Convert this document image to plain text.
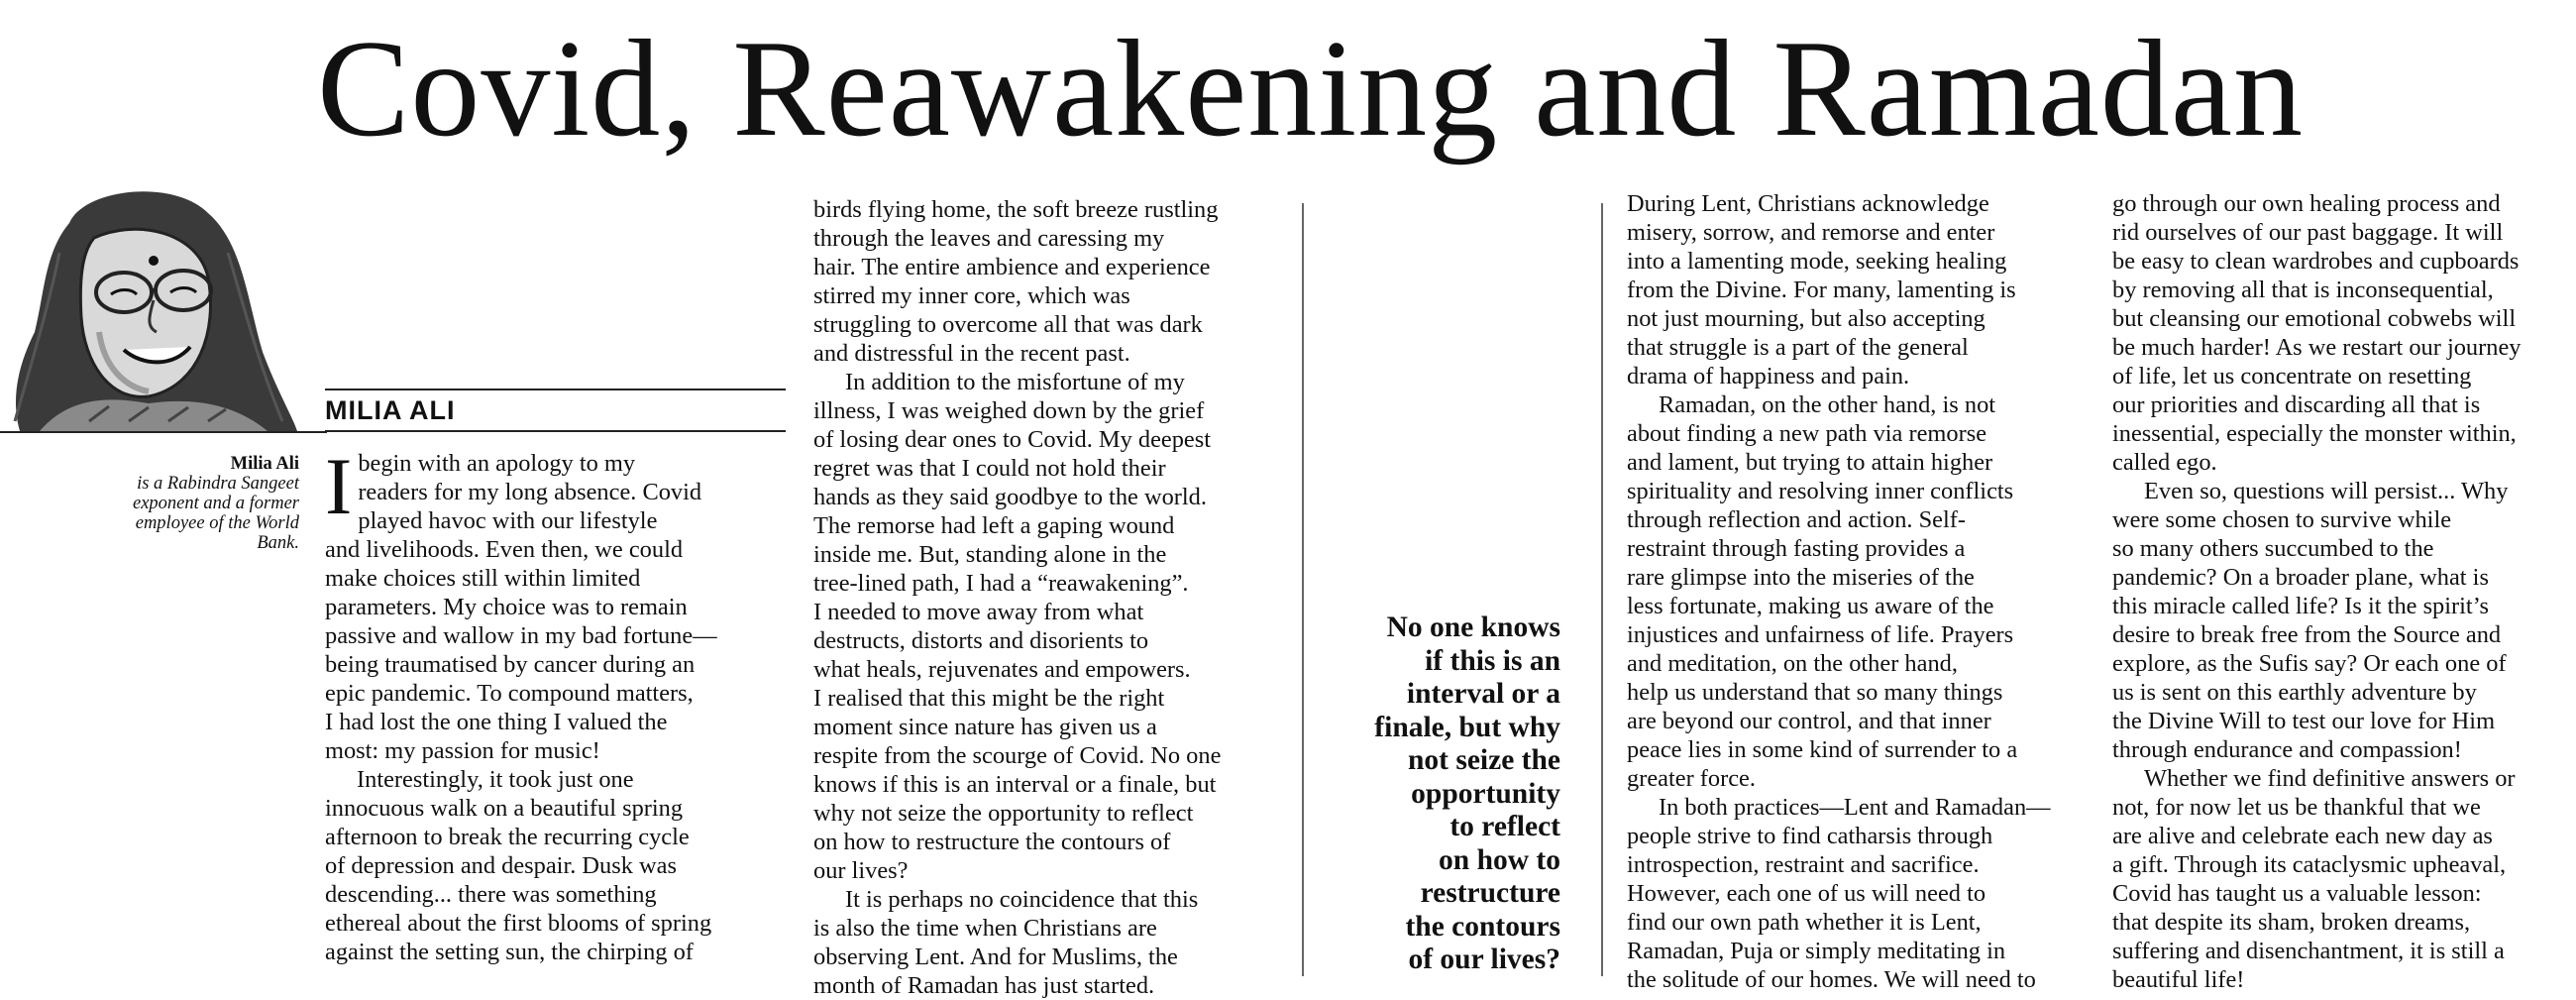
Covid, Reawakening and Ramadan
MILIA ALI
Milia Ali
is a Rabindra Sangeet
exponent and a former
employee of the World
Bank.
I begin with an apology to my

readers for my long absence. Covid

played havoc with our lifestyle

and livelihoods. Even then, we could

make choices still within limited

parameters. My choice was to remain

passive and wallow in my bad fortune—

being traumatised by cancer during an

epic pandemic. To compound matters,

I had lost the one thing I valued the

most: my passion for music!

Interestingly, it took just one

innocuous walk on a beautiful spring

afternoon to break the recurring cycle

of depression and despair. Dusk was

descending... there was something

ethereal about the first blooms of spring

against the setting sun, the chirping of

birds flying home, the soft breeze rustling

through the leaves and caressing my

hair. The entire ambience and experience

stirred my inner core, which was

struggling to overcome all that was dark

and distressful in the recent past.

In addition to the misfortune of my

illness, I was weighed down by the grief

of losing dear ones to Covid. My deepest

regret was that I could not hold their

hands as they said goodbye to the world.

The remorse had left a gaping wound

inside me. But, standing alone in the

tree-lined path, I had a “reawakening”.

I needed to move away from what

destructs, distorts and disorients to

what heals, rejuvenates and empowers.

I realised that this might be the right

moment since nature has given us a

respite from the scourge of Covid. No one

knows if this is an interval or a finale, but

why not seize the opportunity to reflect

on how to restructure the contours of

our lives?

It is perhaps no coincidence that this

is also the time when Christians are

observing Lent. And for Muslims, the

month of Ramadan has just started.

No one knows
if this is an
interval or a
finale, but why
not seize the
opportunity
to reflect
on how to
restructure
the contours
of our lives?

During Lent, Christians acknowledge

misery, sorrow, and remorse and enter

into a lamenting mode, seeking healing

from the Divine. For many, lamenting is

not just mourning, but also accepting

that struggle is a part of the general

drama of happiness and pain.

Ramadan, on the other hand, is not

about finding a new path via remorse

and lament, but trying to attain higher

spirituality and resolving inner conflicts

through reflection and action. Self-

restraint through fasting provides a

rare glimpse into the miseries of the

less fortunate, making us aware of the

injustices and unfairness of life. Prayers

and meditation, on the other hand,

help us understand that so many things

are beyond our control, and that inner

peace lies in some kind of surrender to a

greater force.

In both practices—Lent and Ramadan—

people strive to find catharsis through

introspection, restraint and sacrifice.

However, each one of us will need to

find our own path whether it is Lent,

Ramadan, Puja or simply meditating in

the solitude of our homes. We will need to

go through our own healing process and

rid ourselves of our past baggage. It will

be easy to clean wardrobes and cupboards

by removing all that is inconsequential,

but cleansing our emotional cobwebs will

be much harder! As we restart our journey

of life, let us concentrate on resetting

our priorities and discarding all that is

inessential, especially the monster within,

called ego.

Even so, questions will persist... Why

were some chosen to survive while

so many others succumbed to the

pandemic? On a broader plane, what is

this miracle called life? Is it the spirit’s

desire to break free from the Source and

explore, as the Sufis say? Or each one of

us is sent on this earthly adventure by

the Divine Will to test our love for Him

through endurance and compassion!

Whether we find definitive answers or

not, for now let us be thankful that we

are alive and celebrate each new day as

a gift. Through its cataclysmic upheaval,

Covid has taught us a valuable lesson:

that despite its sham, broken dreams,

suffering and disenchantment, it is still a

beautiful life!
